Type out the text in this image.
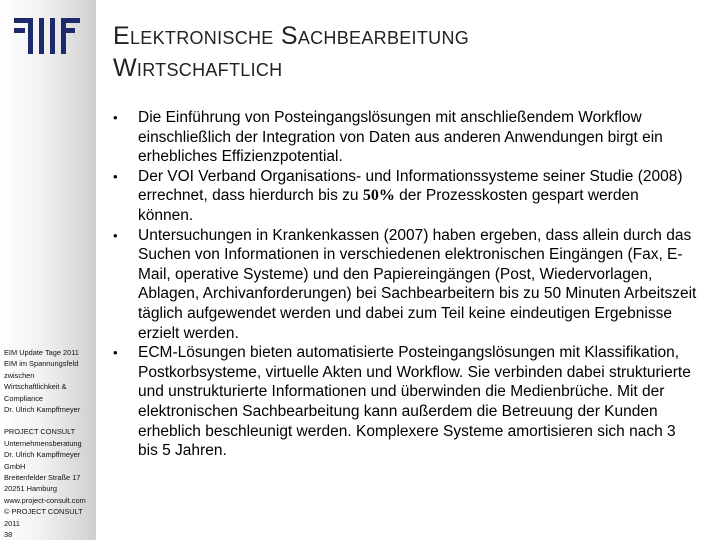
EIM Update Tage 2011
EIM im Spannungsfeld
zwischen
Wirtschaftlichkeit &
Compliance
Dr. Ulrich Kampffmeyer
PROJECT CONSULT
Unternehmensberatung
Dr. Ulrich Kampffmeyer
GmbH
Breitenfelder Straße 17
20251 Hamburg
www.project-consult.com
© PROJECT CONSULT
2011
38
Elektronische Sachbearbeitung
Wirtschaftlich
• Die Einführung von Posteingangslösungen mit anschließendem Workflow einschließlich der Integration von Daten aus anderen Anwendungen birgt ein erhebliches Effizienzpotential.
• Der VOI Verband Organisations- und Informationssysteme seiner Studie (2008) errechnet, dass hierdurch bis zu 50% der Prozesskosten gespart werden können.
• Untersuchungen in Krankenkassen (2007) haben ergeben, dass allein durch das Suchen von Informationen in verschiedenen elektronischen Eingängen (Fax, E-Mail, operative Systeme) und den Papiereingängen (Post, Wiedervorlagen, Ablagen, Archivanforderungen) bei Sachbearbeitern bis zu 50 Minuten Arbeitszeit täglich aufgewendet werden und dabei zum Teil keine eindeutigen Ergebnisse erzielt werden.
• ECM-Lösungen bieten automatisierte Posteingangslösungen mit Klassifikation, Postkorbsysteme, virtuelle Akten und Workflow. Sie verbinden dabei strukturierte und unstrukturierte Informationen und überwinden die Medienbrüche. Mit der elektronischen Sachbearbeitung kann außerdem die Betreuung der Kunden erheblich beschleunigt werden. Komplexere Systeme amortisieren sich nach 3 bis 5 Jahren.
